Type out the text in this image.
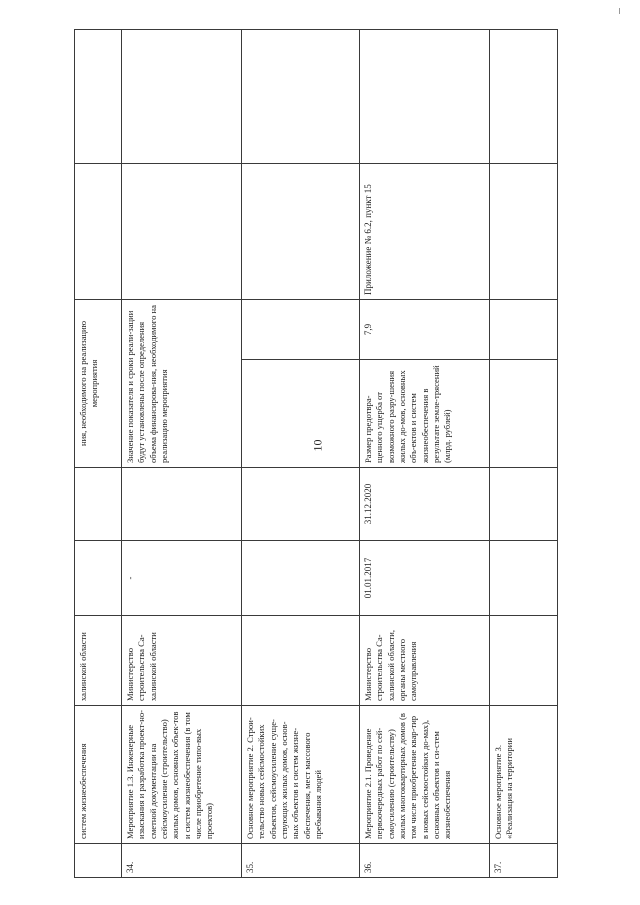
10
	систем жизнеобеспечения	халинской области			ния, необходимого на реализацию мероприятия			
34.	Мероприятие 1.3. Инженерные изыскания и разработка проект-но-сметной документации на сейсмоусиление (строительство) жилых домов, основных объек-тов и систем жизнеобеспечения (в том числе приобретение типо-вых проектов)	Министерство строительства Са-халинской области	-		Значение показателя и сроки реали-зации будут установлены после определения объема финансирова-ния, необходимого на реализацию мероприятия			
35.	Основное мероприятие 2. Строи-тельство новых сейсмостойких объектов, сейсмоусиление суще-ствующих жилых домов, основ-ных объектов и систем жизне-обеспечения, мест массового пребывания людей							
36.	Мероприятие 2.1. Проведение первоочередных работ по сей-смоусилению (строительству) жилых многоквартирных домов (в том числе приобретение квар-тир в новых сейсмостойких до-мах), основных объектов и си-стем жизнеобеспечения	Министерство строительства Са-халинской области, органы местного самоуправления	01.01.2017	31.12.2020	Размер предотвра-щенного ущерба от возможного разру-шения жилых до-мов, основных объ-ектов и систем жизнеобеспечения в результате земле-трясений (млрд. рублей)	7,9	Приложение № 6.2, пункт 15	
37.	Основное мероприятие 3. «Реализация на территории							
